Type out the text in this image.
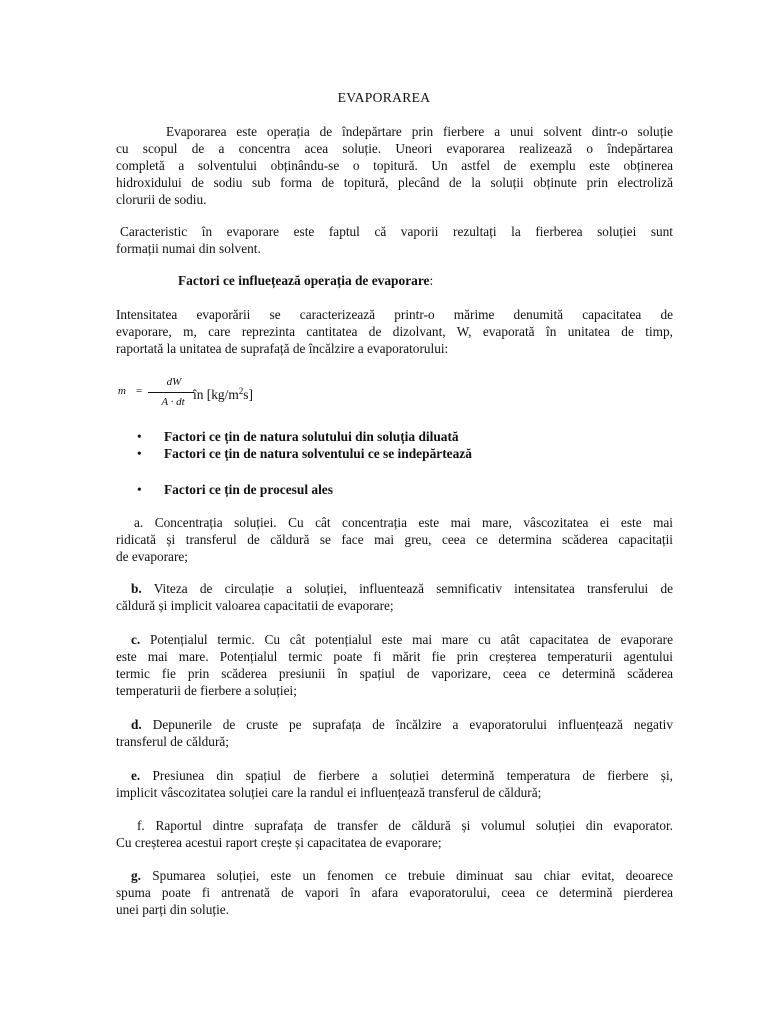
EVAPORAREA
Evaporarea este operația de îndepărtare prin fierbere a unui solvent dintr-o soluție
cu scopul de a concentra acea soluție. Uneori evaporarea realizează o îndepărtarea
completă a solventului obținându-se o topitură. Un astfel de exemplu este obținerea
hidroxidului de sodiu sub forma de topitură, plecând de la soluții obținute prin electroliză
clorurii de sodiu.
Caracteristic în evaporare este faptul că vaporii rezultați la fierberea soluției sunt
formații numai din solvent.
Factori ce influețează operația de evaporare:
Intensitatea evaporării se caracterizează printr-o mărime denumită capacitatea de
evaporare, m, care reprezinta cantitatea de dizolvant, W, evaporată în unitatea de timp,
raportată la unitatea de suprafață de încălzire a evaporatorului:
m =
dW
A · dt în $[kg/m^2s]$
• Factori ce țin de natura solutului din soluția diluată
• Factori ce țin de natura solventului ce se indepărtează
• Factori ce țin de procesul ales
a. Concentrația soluției. Cu cât concentrația este mai mare, vâscozitatea ei este mai
ridicată și transferul de căldură se face mai greu, ceea ce determina scăderea capacitații
de evaporare;
b. Viteza de circulație a soluției, influentează semnificativ intensitatea transferului de
căldură și implicit valoarea capacitatii de evaporare;
c. Potențialul termic. Cu cât potențialul este mai mare cu atât capacitatea de evaporare
este mai mare. Potențialul termic poate fi mărit fie prin creșterea temperaturii agentului
termic fie prin scăderea presiunii în spațiul de vaporizare, ceea ce determină scăderea
temperaturii de fierbere a soluției;
d. Depunerile de cruste pe suprafața de încălzire a evaporatorului influențează negativ
transferul de căldură;
e. Presiunea din spațiul de fierbere a soluției determină temperatura de fierbere și,
implicit vâscozitatea soluției care la randul ei influențează transferul de căldură;
f. Raportul dintre suprafața de transfer de căldură și volumul soluției din evaporator.
Cu creșterea acestui raport crește și capacitatea de evaporare;
g. Spumarea soluției, este un fenomen ce trebuie diminuat sau chiar evitat, deoarece
spuma poate fi antrenată de vapori în afara evaporatorului, ceea ce determină pierderea
unei parți din soluție.
